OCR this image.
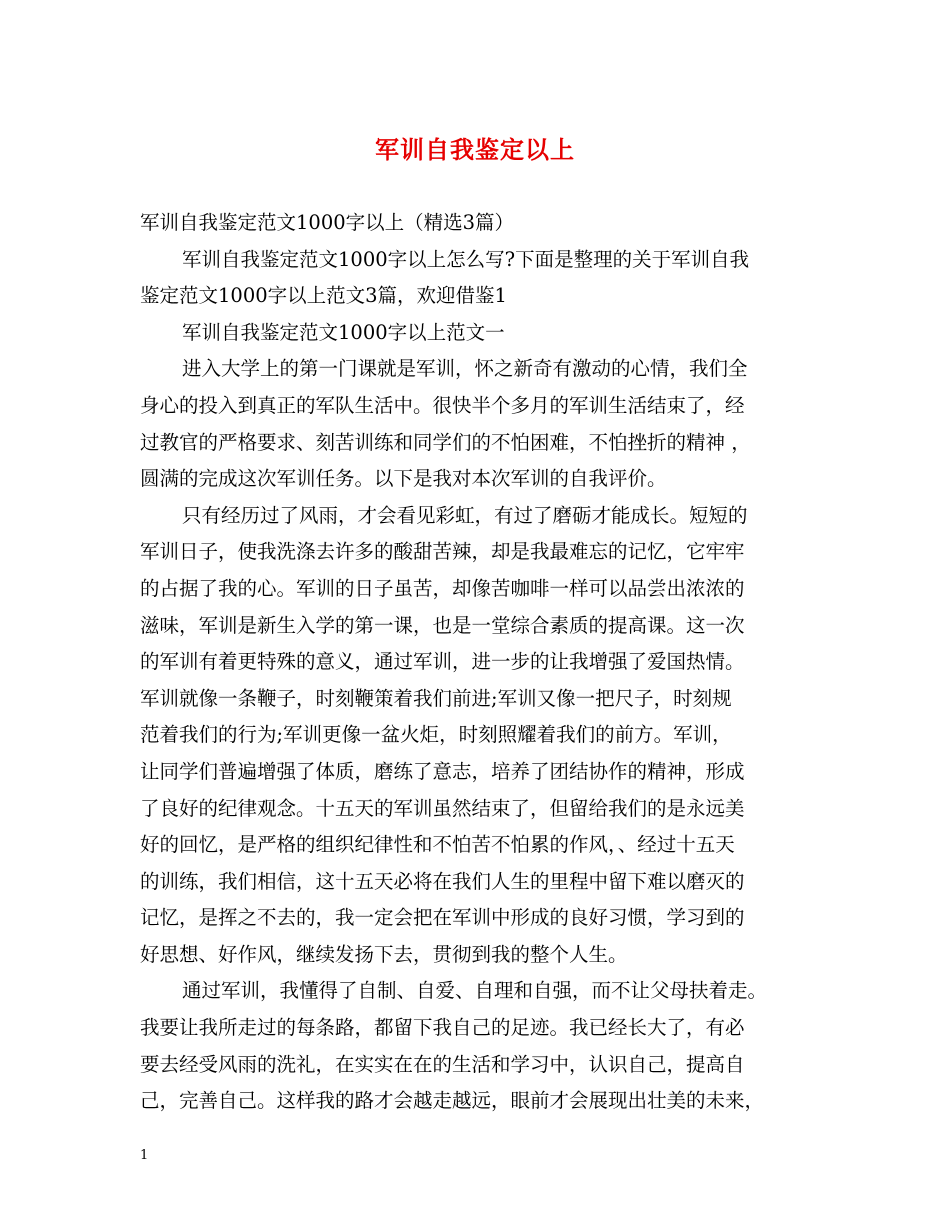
军训自我鉴定以上
军训自我鉴定范文1000字以上（精选3篇）
军训自我鉴定范文1000字以上怎么写?下面是整理的关于军训自我
鉴定范文1000字以上范文3篇，欢迎借鉴1
军训自我鉴定范文1000字以上范文一
进入大学上的第一门课就是军训，怀之新奇有激动的心情，我们全
身心的投入到真正的军队生活中。很快半个多月的军训生活结束了，经
过教官的严格要求、刻苦训练和同学们的不怕困难，不怕挫折的精神 ，
圆满的完成这次军训任务。以下是我对本次军训的自我评价。
只有经历过了风雨，才会看见彩虹，有过了磨砺才能成长。短短的
军训日子，使我洗涤去许多的酸甜苦辣，却是我最难忘的记忆，它牢牢
的占据了我的心。军训的日子虽苦，却像苦咖啡一样可以品尝出浓浓的
滋味，军训是新生入学的第一课，也是一堂综合素质的提高课。这一次
的军训有着更特殊的意义，通过军训，进一步的让我增强了爱国热情。
军训就像一条鞭子，时刻鞭策着我们前进;军训又像一把尺子，时刻规
范着我们的行为;军训更像一盆火炬，时刻照耀着我们的前方。军训，
让同学们普遍增强了体质，磨练了意志，培养了团结协作的精神，形成
了良好的纪律观念。十五天的军训虽然结束了，但留给我们的是永远美
好的回忆，是严格的组织纪律性和不怕苦不怕累的作风，、经过十五天
的训练，我们相信，这十五天必将在我们人生的里程中留下难以磨灭的
记忆，是挥之不去的，我一定会把在军训中形成的良好习惯，学习到的
好思想、好作风，继续发扬下去，贯彻到我的整个人生。
通过军训，我懂得了自制、自爱、自理和自强，而不让父母扶着走。
我要让我所走过的每条路，都留下我自己的足迹。我已经长大了，有必
要去经受风雨的洗礼，在实实在在的生活和学习中，认识自己，提高自
己，完善自己。这样我的路才会越走越远，眼前才会展现出壮美的未来，
1
